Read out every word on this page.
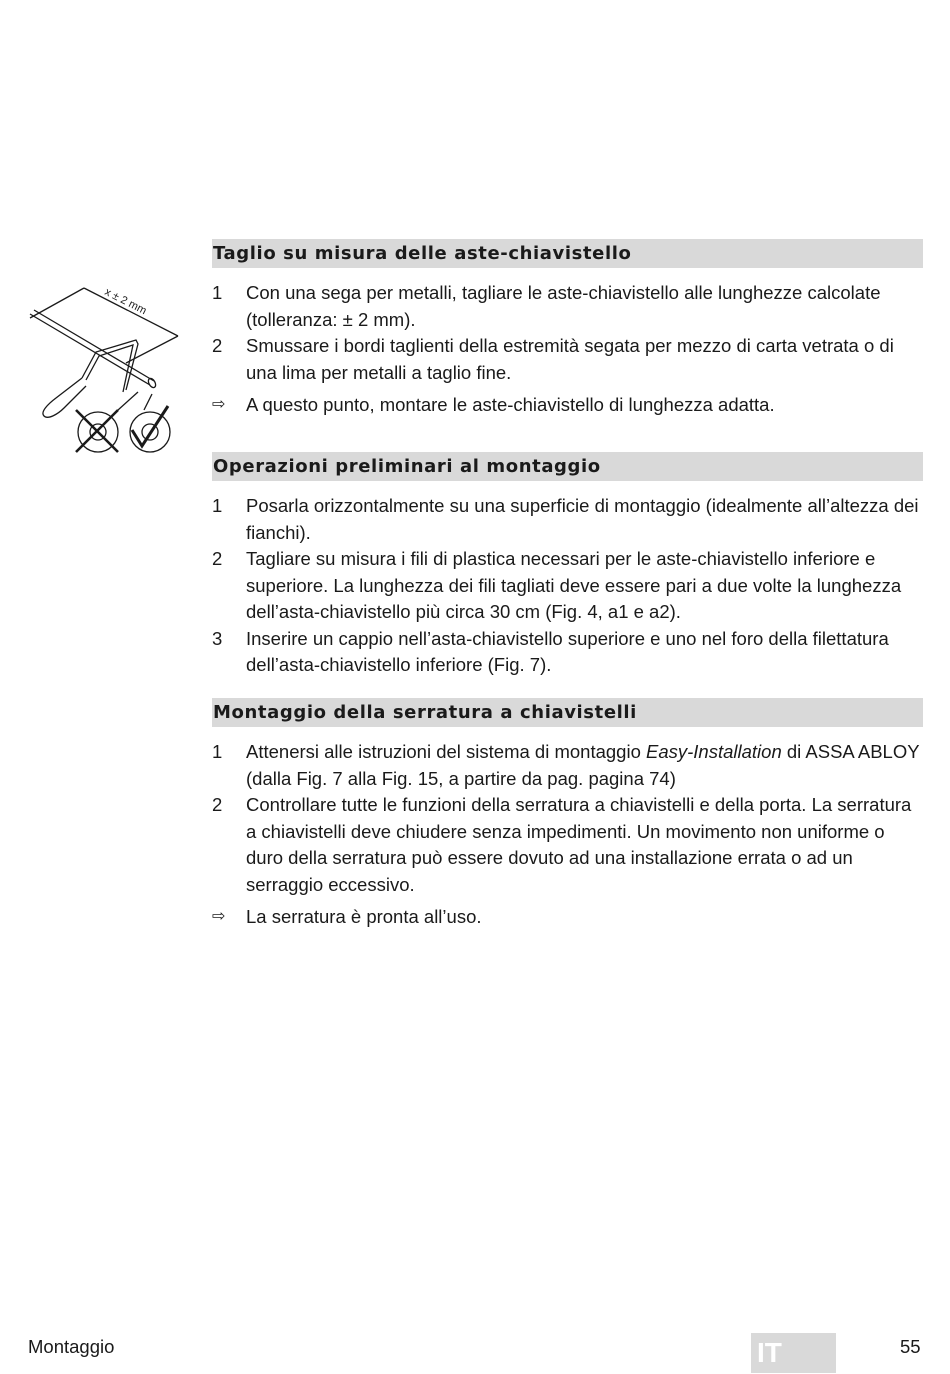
x ± 2 mm
Taglio su misura delle aste-chiavistello
1	Con una sega per metalli, tagliare le aste-chiavistello alle lunghezze calcolate (tolleranza: ± 2 mm).
2	Smussare i bordi taglienti della estremità segata per mezzo di carta vetrata o di una lima per metalli a taglio fine.
⇨	A questo punto, montare le aste-chiavistello di lunghezza adatta.
Operazioni preliminari al montaggio
1	Posarla orizzontalmente su una superficie di montaggio (idealmente all’altezza dei fianchi).
2	Tagliare su misura i fili di plastica necessari per le aste-chiavistello inferiore e superiore. La lunghezza dei fili tagliati deve essere pari a due volte la lunghezza dell’asta-chiavistello più circa 30 cm (Fig. 4, a1 e a2).
3	Inserire un cappio nell’asta-chiavistello superiore e uno nel foro della filettatura dell’asta-chiavistello inferiore (Fig. 7).
Montaggio della serratura a chiavistelli
1	Attenersi alle istruzioni del sistema di montaggio Easy-Installation di ASSA ABLOY (dalla Fig. 7 alla Fig. 15, a partire da pag. pagina 74)
2	Controllare tutte le funzioni della serratura a chiavistelli e della porta. La serratura a chiavistelli deve chiudere senza impedimenti. Un movimento non uniforme o duro della serratura può essere dovuto ad una installazione errata o ad un serraggio eccessivo.
⇨	La serratura è pronta all’uso.
Montaggio	IT	55
